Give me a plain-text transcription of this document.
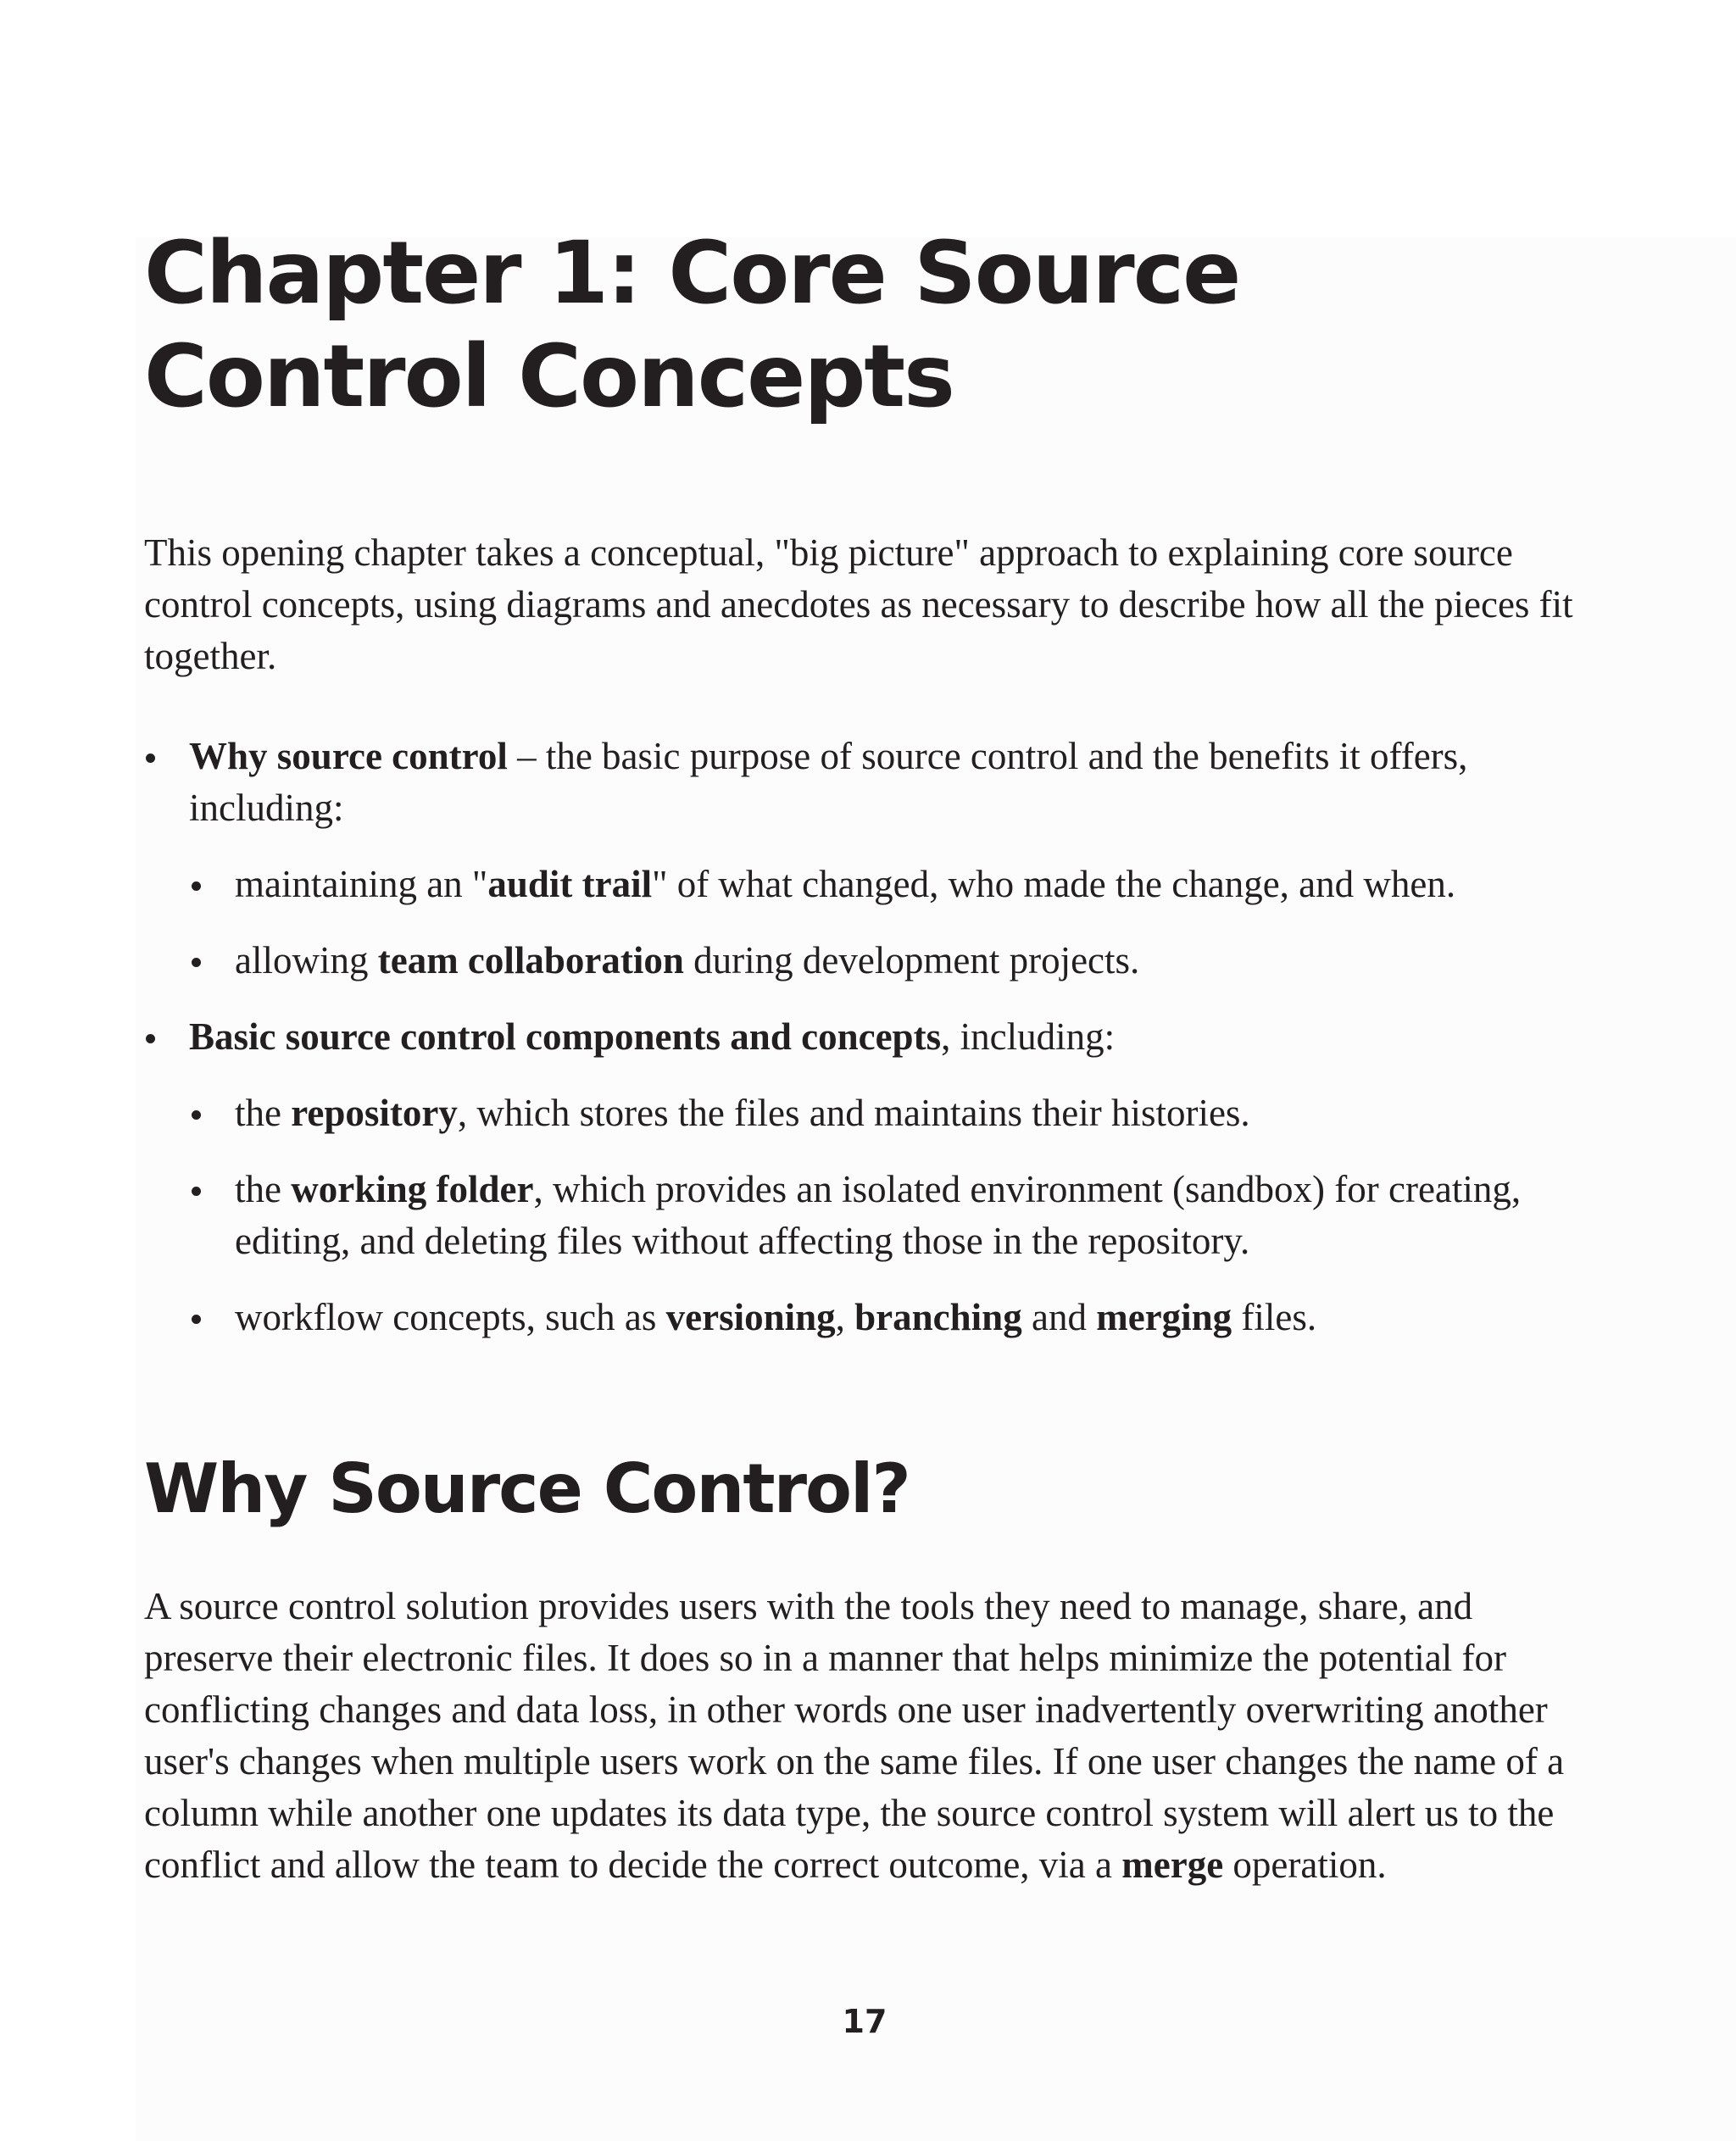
Chapter 1: Core Source Control Concepts

This opening chapter takes a conceptual, "big picture" approach to explaining core source control concepts, using diagrams and anecdotes as necessary to describe how all the pieces fit together.

Why source control – the basic purpose of source control and the benefits it offers, including:
maintaining an "audit trail" of what changed, who made the change, and when.
allowing team collaboration during development projects.
Basic source control components and concepts, including:
the repository, which stores the files and maintains their histories.
the working folder, which provides an isolated environment (sandbox) for creating, editing, and deleting files without affecting those in the repository.
workflow concepts, such as versioning, branching and merging files.
Why Source Control?

A source control solution provides users with the tools they need to manage, share, and preserve their electronic files. It does so in a manner that helps minimize the potential for conflicting changes and data loss, in other words one user inadvertently overwriting another user's changes when multiple users work on the same files. If one user changes the name of a column while another one updates its data type, the source control system will alert us to the conflict and allow the team to decide the correct outcome, via a merge operation.

17
